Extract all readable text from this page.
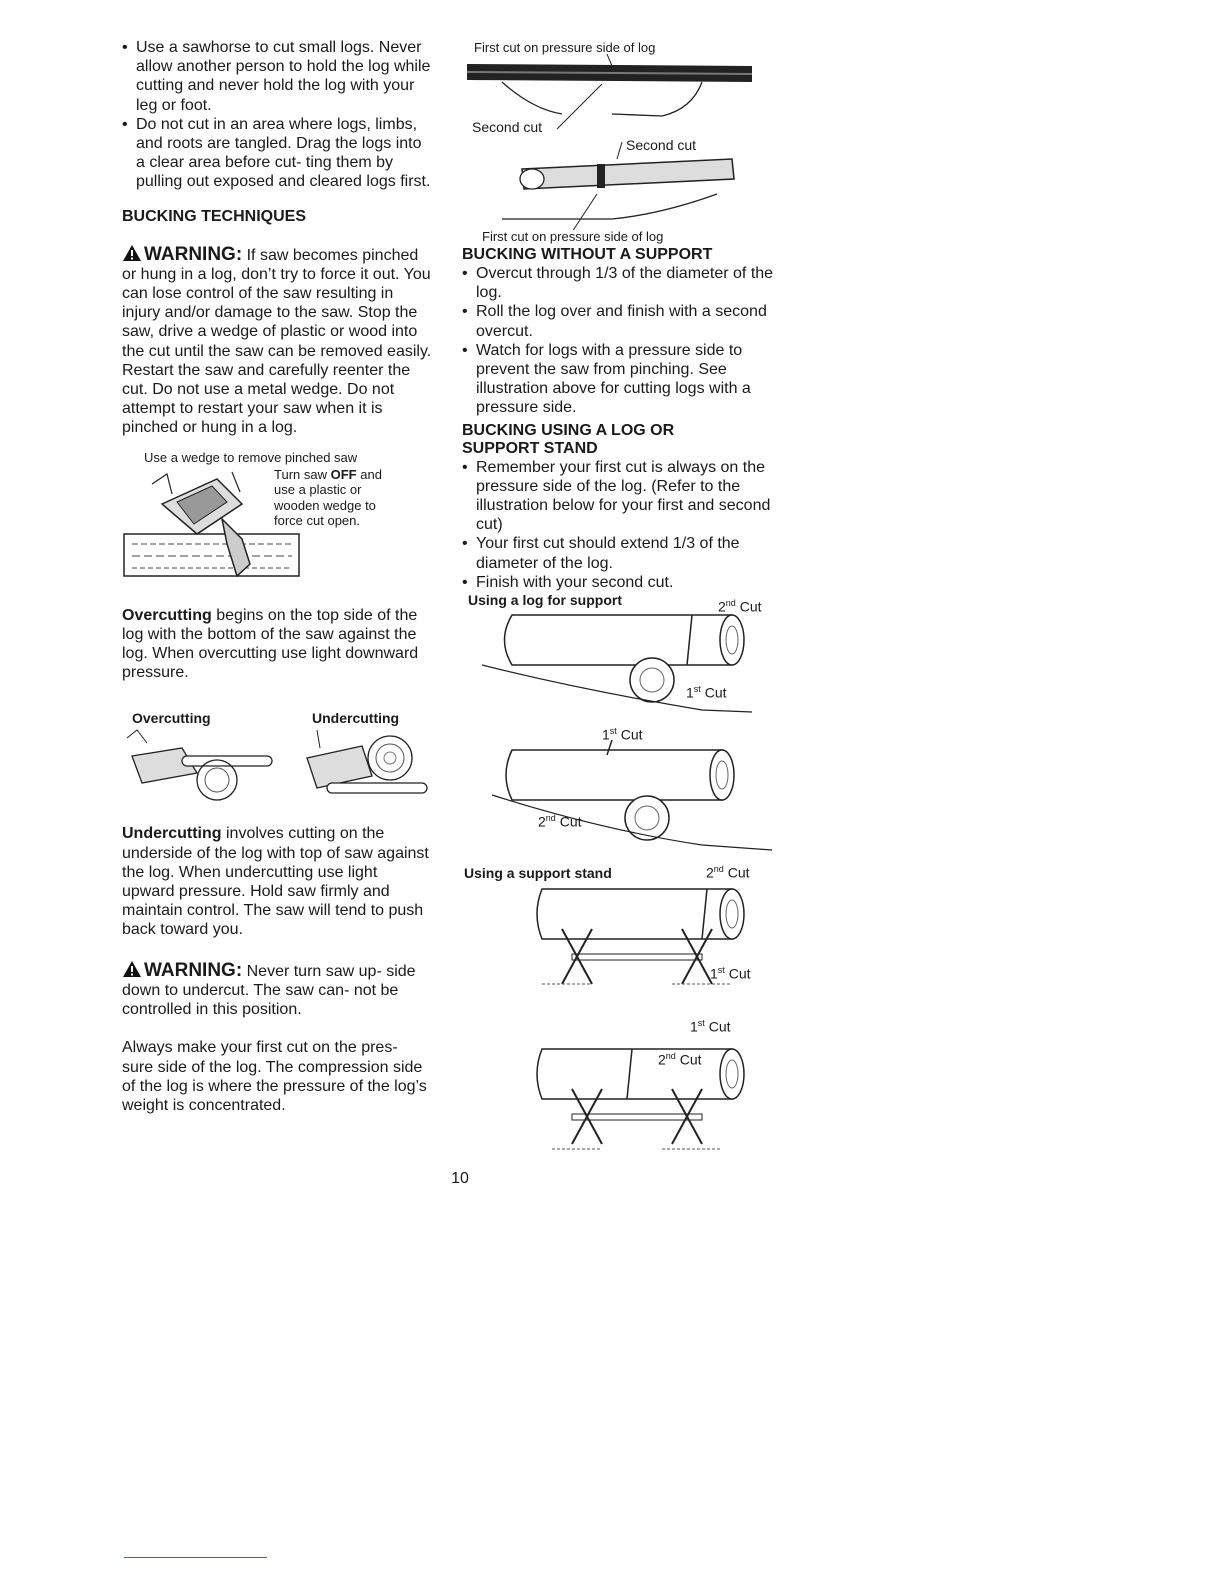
• Use a sawhorse to cut small logs. Never allow another person to hold the log while cutting and never hold the log with your leg or foot.
• Do not cut in an area where logs, limbs, and roots are tangled. Drag the logs into a clear area before cut- ting them by pulling out exposed and cleared logs first.

BUCKING TECHNIQUES

WARNING: If saw becomes pinched or hung in a log, don’t try to force it out. You can lose control of the saw resulting in injury and/or damage to the saw. Stop the saw, drive a wedge of plastic or wood into the cut until the saw can be removed easily. Restart the saw and carefully reenter the cut. Do not use a metal wedge. Do not attempt to restart your saw when it is pinched or hung in a log.

Use a wedge to remove pinched saw
Turn saw OFF and
use a plastic or
wooden wedge to
force cut open.

Overcutting begins on the top side of the log with the bottom of the saw against the log. When overcutting use light downward pressure.

Overcutting	Undercutting

Undercutting involves cutting on the underside of the log with top of saw against the log. When undercutting use light upward pressure. Hold saw firmly and maintain control. The saw will tend to push back toward you.

WARNING: Never turn saw up- side down to undercut. The saw can- not be controlled in this position.

Always make your first cut on the pres- sure side of the log. The compression side of the log is where the pressure of the log’s weight is concentrated.

First cut on pressure side of log
Second cut
Second cut
First cut on pressure side of log

BUCKING WITHOUT A SUPPORT

• Overcut through 1/3 of the diameter of the log.
• Roll the log over and finish with a second overcut.
• Watch for logs with a pressure side to prevent the saw from pinching. See illustration above for cutting logs with a pressure side.

BUCKING USING A LOG OR
SUPPORT STAND

• Remember your first cut is always on the pressure side of the log. (Refer to the illustration below for your first and second cut)
• Your first cut should extend 1/3 of the diameter of the log.
• Finish with your second cut.
Using a log for support	2nd Cut
1st Cut
1st Cut
2nd Cut
Using a support stand	2nd Cut
1st Cut
1st Cut
2nd Cut
10
